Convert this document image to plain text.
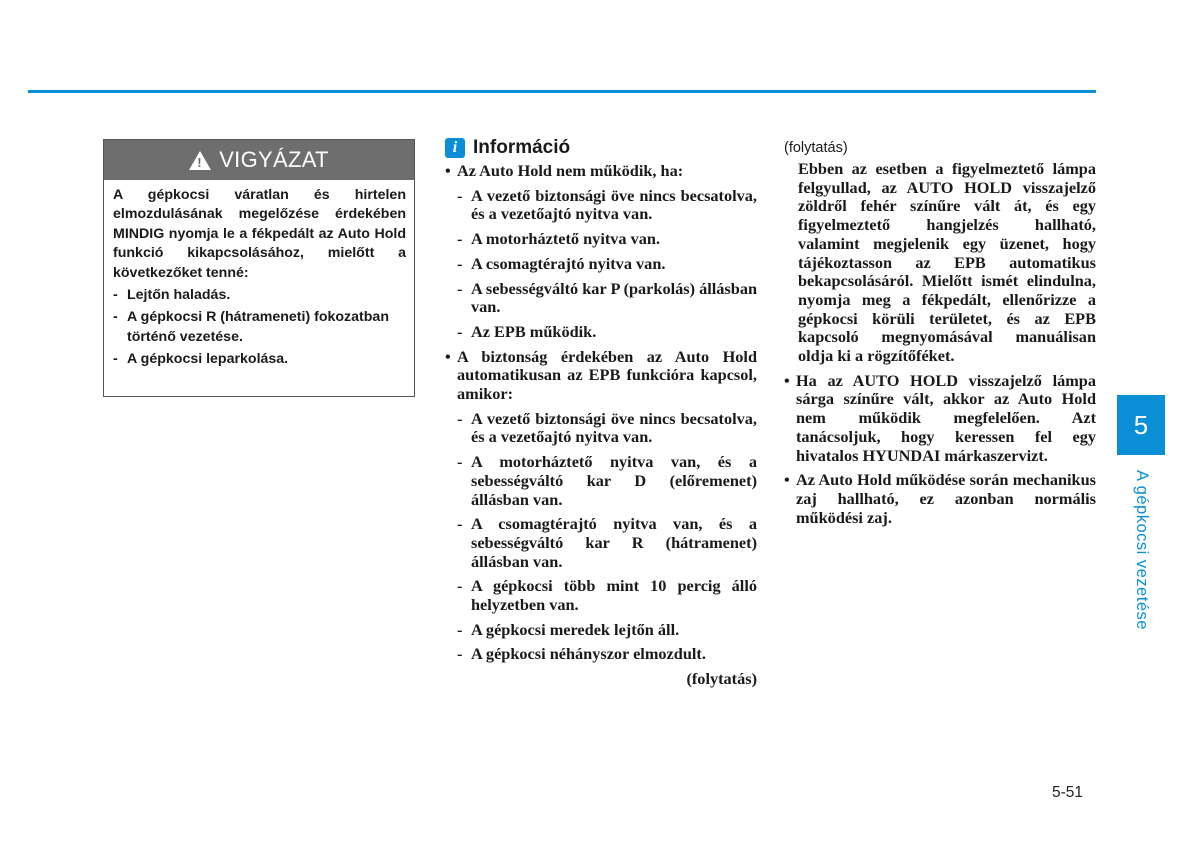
! VIGYÁZAT

A gépkocsi váratlan és hirtelen elmozdulásának megelőzése érdekében MINDIG nyomja le a fékpedált az Auto Hold funkció kikapcsolásához, mielőtt a következőket tenné:

- Lejtőn haladás.
- A gépkocsi R (hátrameneti) fokozatban történő vezetése.
- A gépkocsi leparkolása.
i Információ
• Az Auto Hold nem működik, ha:
- A vezető biztonsági öve nincs becsatolva, és a vezetőajtó nyitva van.
- A motorháztető nyitva van.
- A csomagtérajtó nyitva van.
- A sebességváltó kar P (parkolás) állásban van.
- Az EPB működik.
• A biztonság érdekében az Auto Hold automatikusan az EPB funkcióra kapcsol, amikor:
- A vezető biztonsági öve nincs becsatolva, és a vezetőajtó nyitva van.
- A motorháztető nyitva van, és a sebességváltó kar D (előremenet) állásban van.
- A csomagtérajtó nyitva van, és a sebességváltó kar R (hátramenet) állásban van.
- A gépkocsi több mint 10 percig álló helyzetben van.
- A gépkocsi meredek lejtőn áll.
- A gépkocsi néhányszor elmozdult.
(folytatás)
(folytatás)
Ebben az esetben a figyelmeztető lámpa felgyullad, az AUTO HOLD visszajelző zöldről fehér színűre vált át, és egy figyelmeztető hangjelzés hallható, valamint megjelenik egy üzenet, hogy tájékoztasson az EPB automatikus bekapcsolásáról. Mielőtt ismét elindulna, nyomja meg a fékpedált, ellenőrizze a gépkocsi körüli területet, és az EPB kapcsoló megnyomásával manuálisan oldja ki a rögzítőféket.
• Ha az AUTO HOLD visszajelző lámpa sárga színűre vált, akkor az Auto Hold nem működik megfelelően. Azt tanácsoljuk, hogy keressen fel egy hivatalos HYUNDAI márkaszervizt.
• Az Auto Hold működése során mechanikus zaj hallható, ez azonban normális működési zaj.
5
A gépkocsi vezetése
5-51
